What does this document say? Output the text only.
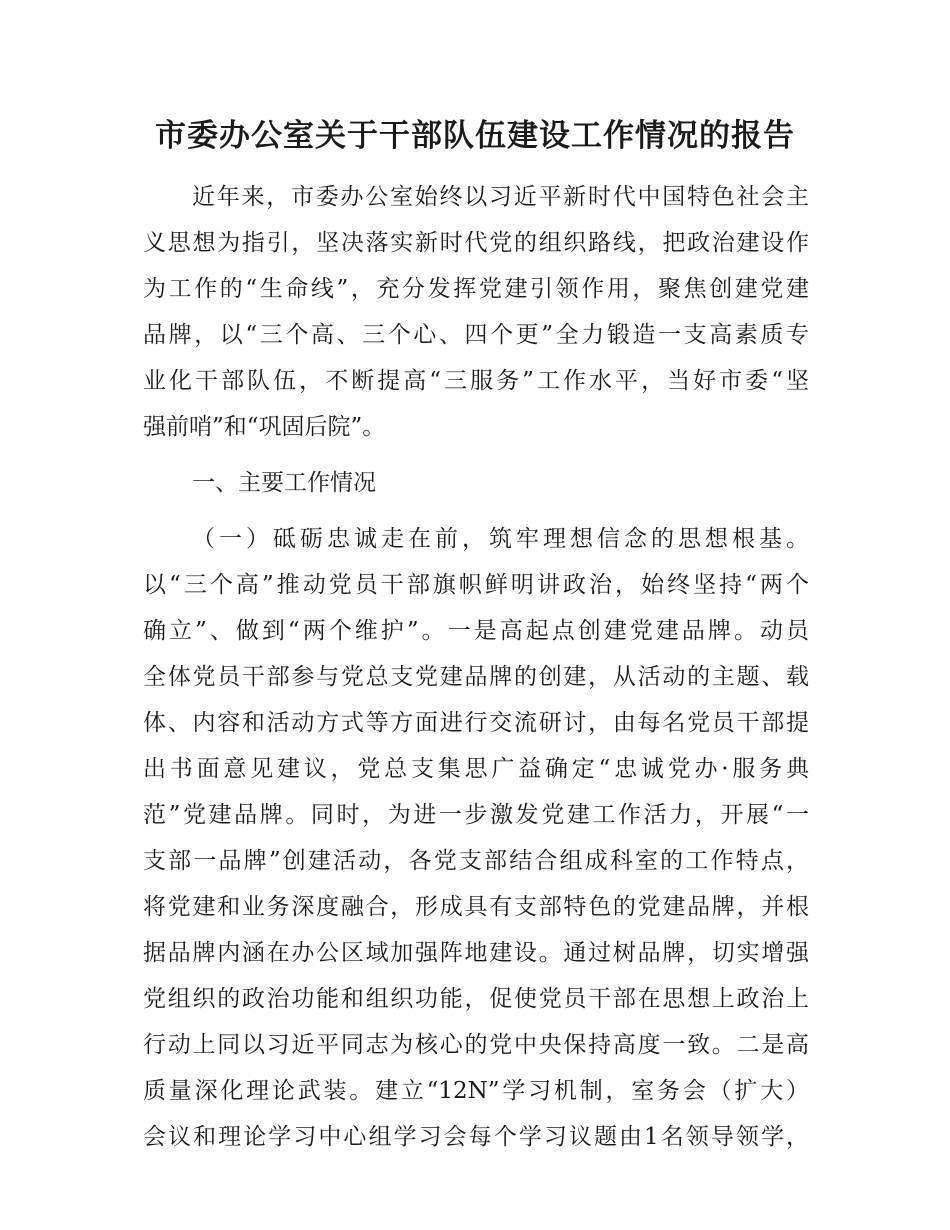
市委办公室关于干部队伍建设工作情况的报告
近年来，市委办公室始终以习近平新时代中国特色社会主
义思想为指引，坚决落实新时代党的组织路线，把政治建设作
为工作的“生命线”，充分发挥党建引领作用，聚焦创建党建
品牌，以“三个高、三个心、四个更”全力锻造一支高素质专
业化干部队伍，不断提高“三服务”工作水平，当好市委“坚
强前哨”和“巩固后院”。
一、主要工作情况
（一）砥砺忠诚走在前，筑牢理想信念的思想根基。
以“三个高”推动党员干部旗帜鲜明讲政治，始终坚持“两个
确立”、做到“两个维护”。一是高起点创建党建品牌。动员
全体党员干部参与党总支党建品牌的创建，从活动的主题、载
体、内容和活动方式等方面进行交流研讨，由每名党员干部提
出书面意见建议，党总支集思广益确定“忠诚党办·服务典
范”党建品牌。同时，为进一步激发党建工作活力，开展“一
支部一品牌”创建活动，各党支部结合组成科室的工作特点，
将党建和业务深度融合，形成具有支部特色的党建品牌，并根
据品牌内涵在办公区域加强阵地建设。通过树品牌，切实增强
党组织的政治功能和组织功能，促使党员干部在思想上政治上
行动上同以习近平同志为核心的党中央保持高度一致。二是高
质量深化理论武装。建立“12N”学习机制，室务会（扩大）
会议和理论学习中心组学习会每个学习议题由1名领导领学，
